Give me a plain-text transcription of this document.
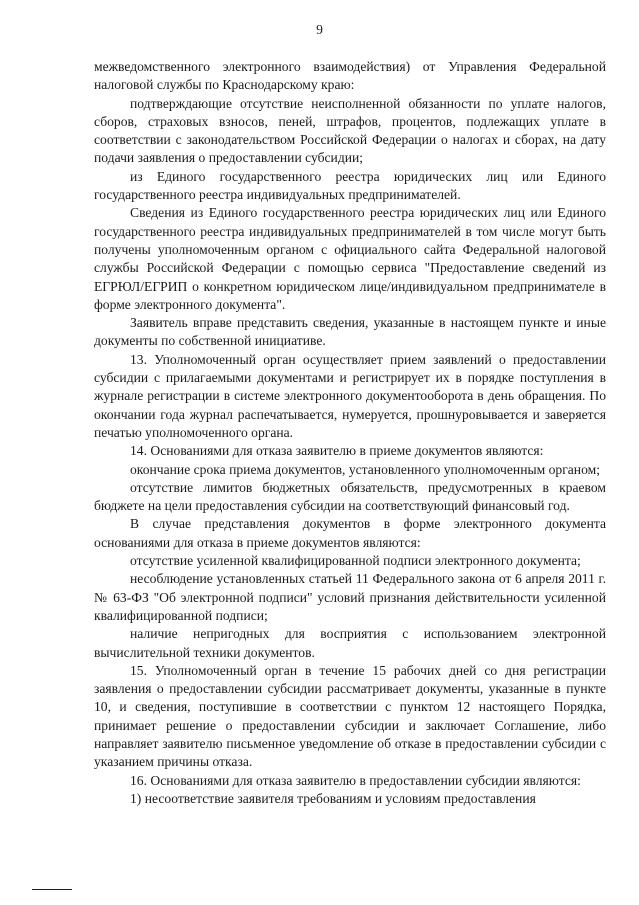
9

межведомственного электронного взаимодействия) от Управления Федеральной налоговой службы по Краснодарскому краю:

подтверждающие отсутствие неисполненной обязанности по уплате налогов, сборов, страховых взносов, пеней, штрафов, процентов, подлежащих уплате в соответствии с законодательством Российской Федерации о налогах и сборах, на дату подачи заявления о предоставлении субсидии;

из Единого государственного реестра юридических лиц или Единого государственного реестра индивидуальных предпринимателей.

Сведения из Единого государственного реестра юридических лиц или Единого государственного реестра индивидуальных предпринимателей в том числе могут быть получены уполномоченным органом с официального сайта Федеральной налоговой службы Российской Федерации с помощью сервиса "Предоставление сведений из ЕГРЮЛ/ЕГРИП о конкретном юридическом лице/индивидуальном предпринимателе в форме электронного документа".

Заявитель вправе представить сведения, указанные в настоящем пункте и иные документы по собственной инициативе.

13. Уполномоченный орган осуществляет прием заявлений о предоставлении субсидии с прилагаемыми документами и регистрирует их в порядке поступления в журнале регистрации в системе электронного документооборота в день обращения. По окончании года журнал распечатывается, нумеруется, прошнуровывается и заверяется печатью уполномоченного органа.

14. Основаниями для отказа заявителю в приеме документов являются:

окончание срока приема документов, установленного уполномоченным органом;

отсутствие лимитов бюджетных обязательств, предусмотренных в краевом бюджете на цели предоставления субсидии на соответствующий финансовый год.

В случае представления документов в форме электронного документа основаниями для отказа в приеме документов являются:

отсутствие усиленной квалифицированной подписи электронного документа;

несоблюдение установленных статьей 11 Федерального закона от 6 апреля 2011 г. № 63-ФЗ "Об электронной подписи" условий признания действительности усиленной квалифицированной подписи;

наличие непригодных для восприятия с использованием электронной вычислительной техники документов.

15. Уполномоченный орган в течение 15 рабочих дней со дня регистрации заявления о предоставлении субсидии рассматривает документы, указанные в пункте 10, и сведения, поступившие в соответствии с пунктом 12 настоящего Порядка, принимает решение о предоставлении субсидии и заключает Соглашение, либо направляет заявителю письменное уведомление об отказе в предоставлении субсидии с указанием причины отказа.

16. Основаниями для отказа заявителю в предоставлении субсидии являются:

1) несоответствие заявителя требованиям и условиям предоставления
